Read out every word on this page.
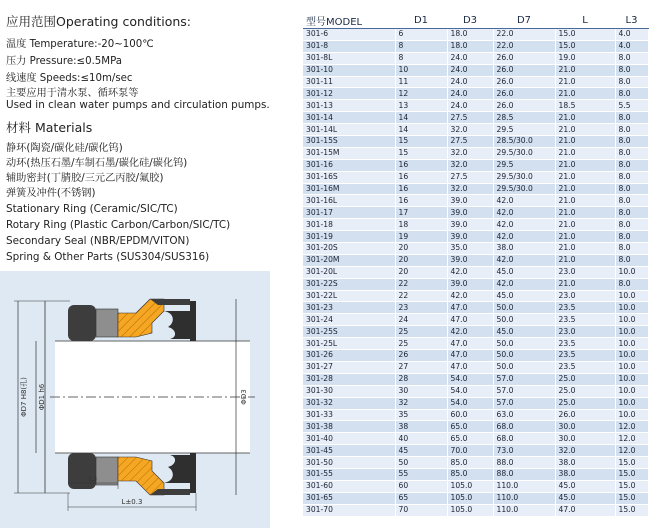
应用范围Operating conditions:
温度 Temperature:-20~100℃
压力 Pressure:≤0.5MPa
线速度 Speeds:≤10m/sec
主要应用于清水泵、循环泵等
Used in clean water pumps and circulation pumps.
材料 Materials
静环(陶瓷/碳化硅/碳化钨)
动环(热压石墨/车制石墨/碳化硅/碳化钨)
辅助密封(丁腈胶/三元乙丙胶/氟胶)
弹簧及冲件(不锈钢)
Stationary Ring (Ceramic/SIC/TC)
Rotary Ring (Plastic Carbon/Carbon/SIC/TC)
Secondary Seal (NBR/EPDM/VITON)
Spring & Other Parts (SUS304/SUS316)
ΦD7 H8(孔) ΦD1 h6	ΦD3
L3
L±0.3
型号MODEL	D1	D3	D7	L	L3
301-6	6	18.0	22.0	15.0	4.0
301-8	8	18.0	22.0	15.0	4.0
301-8L	8	24.0	26.0	19.0	8.0
301-10	10	24.0	26.0	21.0	8.0
301-11	11	24.0	26.0	21.0	8.0
301-12	12	24.0	26.0	21.0	8.0
301-13	13	24.0	26.0	18.5	5.5
301-14	14	27.5	28.5	21.0	8.0
301-14L	14	32.0	29.5	21.0	8.0
301-15S	15	27.5	28.5/30.0	21.0	8.0
301-15M	15	32.0	29.5/30.0	21.0	8.0
301-16	16	32.0	29.5	21.0	8.0
301-16S	16	27.5	29.5/30.0	21.0	8.0
301-16M	16	32.0	29.5/30.0	21.0	8.0
301-16L	16	39.0	42.0	21.0	8.0
301-17	17	39.0	42.0	21.0	8.0
301-18	18	39.0	42.0	21.0	8.0
301-19	19	39.0	42.0	21.0	8.0
301-20S	20	35.0	38.0	21.0	8.0
301-20M	20	39.0	42.0	21.0	8.0
301-20L	20	42.0	45.0	23.0	10.0
301-22S	22	39.0	42.0	21.0	8.0
301-22L	22	42.0	45.0	23.0	10.0
301-23	23	47.0	50.0	23.5	10.0
301-24	24	47.0	50.0	23.5	10.0
301-25S	25	42.0	45.0	23.0	10.0
301-25L	25	47.0	50.0	23.5	10.0
301-26	26	47.0	50.0	23.5	10.0
301-27	27	47.0	50.0	23.5	10.0
301-28	28	54.0	57.0	25.0	10.0
301-30	30	54.0	57.0	25.0	10.0
301-32	32	54.0	57.0	25.0	10.0
301-33	35	60.0	63.0	26.0	10.0
301-38	38	65.0	68.0	30.0	12.0
301-40	40	65.0	68.0	30.0	12.0
301-45	45	70.0	73.0	32.0	12.0
301-50	50	85.0	88.0	38.0	15.0
301-55	55	85.0	88.0	38.0	15.0
301-60	60	105.0	110.0	45.0	15.0
301-65	65	105.0	110.0	45.0	15.0
301-70	70	105.0	110.0	47.0	15.0
